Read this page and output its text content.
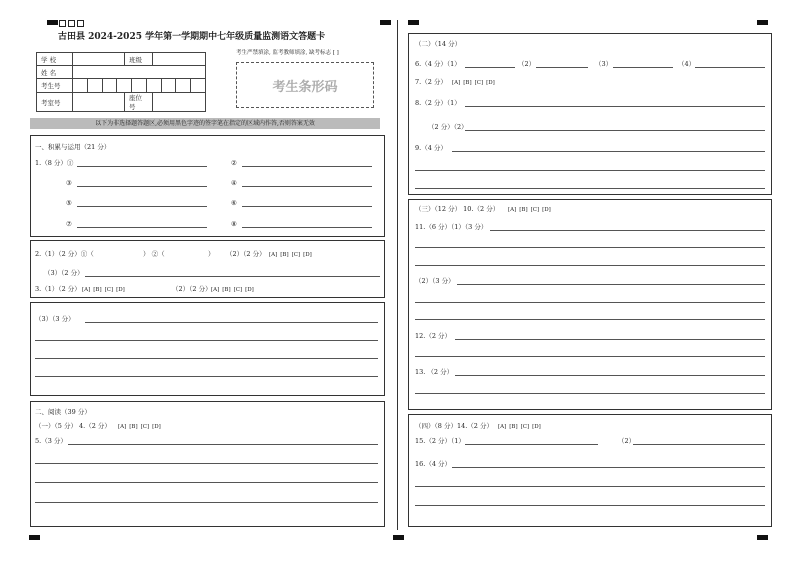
古田县 2024-2025 学年第一学期期中七年级质量监测语文答题卡
考生严禁填涂, 监考教师填涂, 缺考标志 [ ]
学 校		班级	
姓 名			
考生号			

考室号		座位号	
考生条形码
以下为非选择题答题区,必须用黑色字迹的签字笔在指定的区域内作答,否则答案无效
一、积累与运用（21 分）
1.（8 分）①	②
③	④
⑤	⑥
⑦	⑧
2.（1）（2 分）①（	） ②（	） （2）（2 分） [A] [B] [C] [D]
（3）（2 分）
3.（1）（2 分） [A] [B] [C] [D]	（2）（2 分） [A] [B] [C] [D]
（3）（3 分）
二、阅读（39 分）
（一）（5 分） 4.（2 分） [A] [B] [C] [D]
5.（3 分）
（二）（14 分）
6.（4 分）（1）	（2）	（3）	（4）
7.（2 分） [A] [B] [C] [D]
8.（2 分）（1）
（2 分）（2）
9.（4 分）
（三）（12 分） 10.（2 分） [A] [B] [C] [D]
11.（6 分）（1）（3 分）
（2）（3 分）
12.（2 分）
13. （2 分）
（四）（8 分）14.（2 分） [A] [B] [C] [D]
15.（2 分）（1）	（2）
16.（4 分）
